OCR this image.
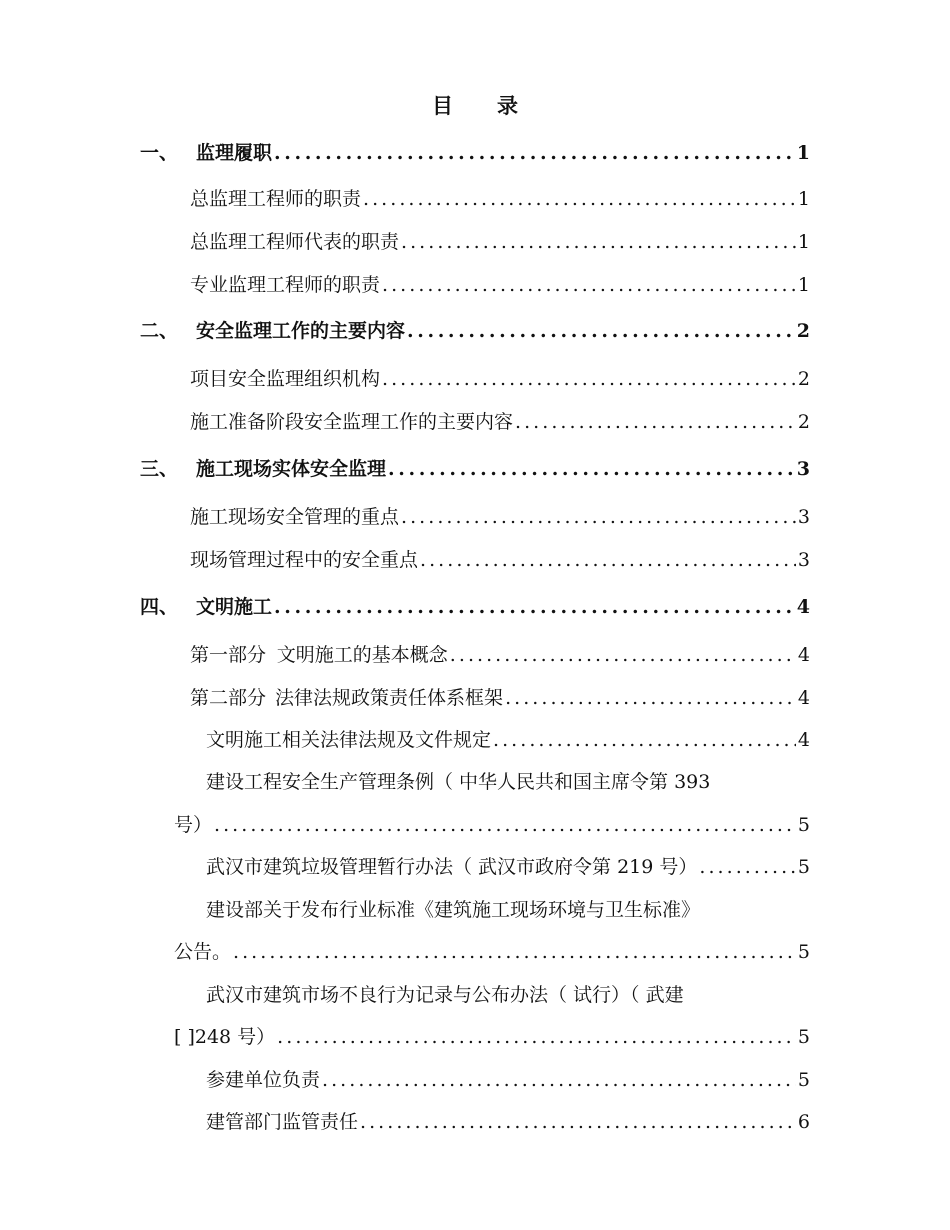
目 录
一、 监理履职 . . .	1
总监理工程师的职责 . . .	1
总监理工程师代表的职责 . . .	1
专业监理工程师的职责 . . .	1
二、 安全监理工作的主要内容 . . .	2
项目安全监理组织机构 . . .	2
施工准备阶段安全监理工作的主要内容 . . .	2
三、 施工现场实体安全监理 . . .	3
施工现场安全管理的重点 . . .	3
现场管理过程中的安全重点 . . .	3
四、 文明施工 . . .	4
第一部分 文明施工的基本概念 . . .	4
第二部分 法律法规政策责任体系框架 . . .	4
文明施工相关法律法规及文件规定 . . .	4
建设工程安全生产管理条例（ 中华人民共和国主席令第 393
号） . . .	5
武汉市建筑垃圾管理暂行办法（ 武汉市政府令第 219 号） . . .	5
建设部关于发布行业标准《建筑施工现场环境与卫生标准》
公告。 . . .	5
武汉市建筑市场不良行为记录与公布办法（ 试行）（ 武建
[ ]248 号） . . .	5
参建单位负责 . . .	5
建管部门监管责任 . . .	6
